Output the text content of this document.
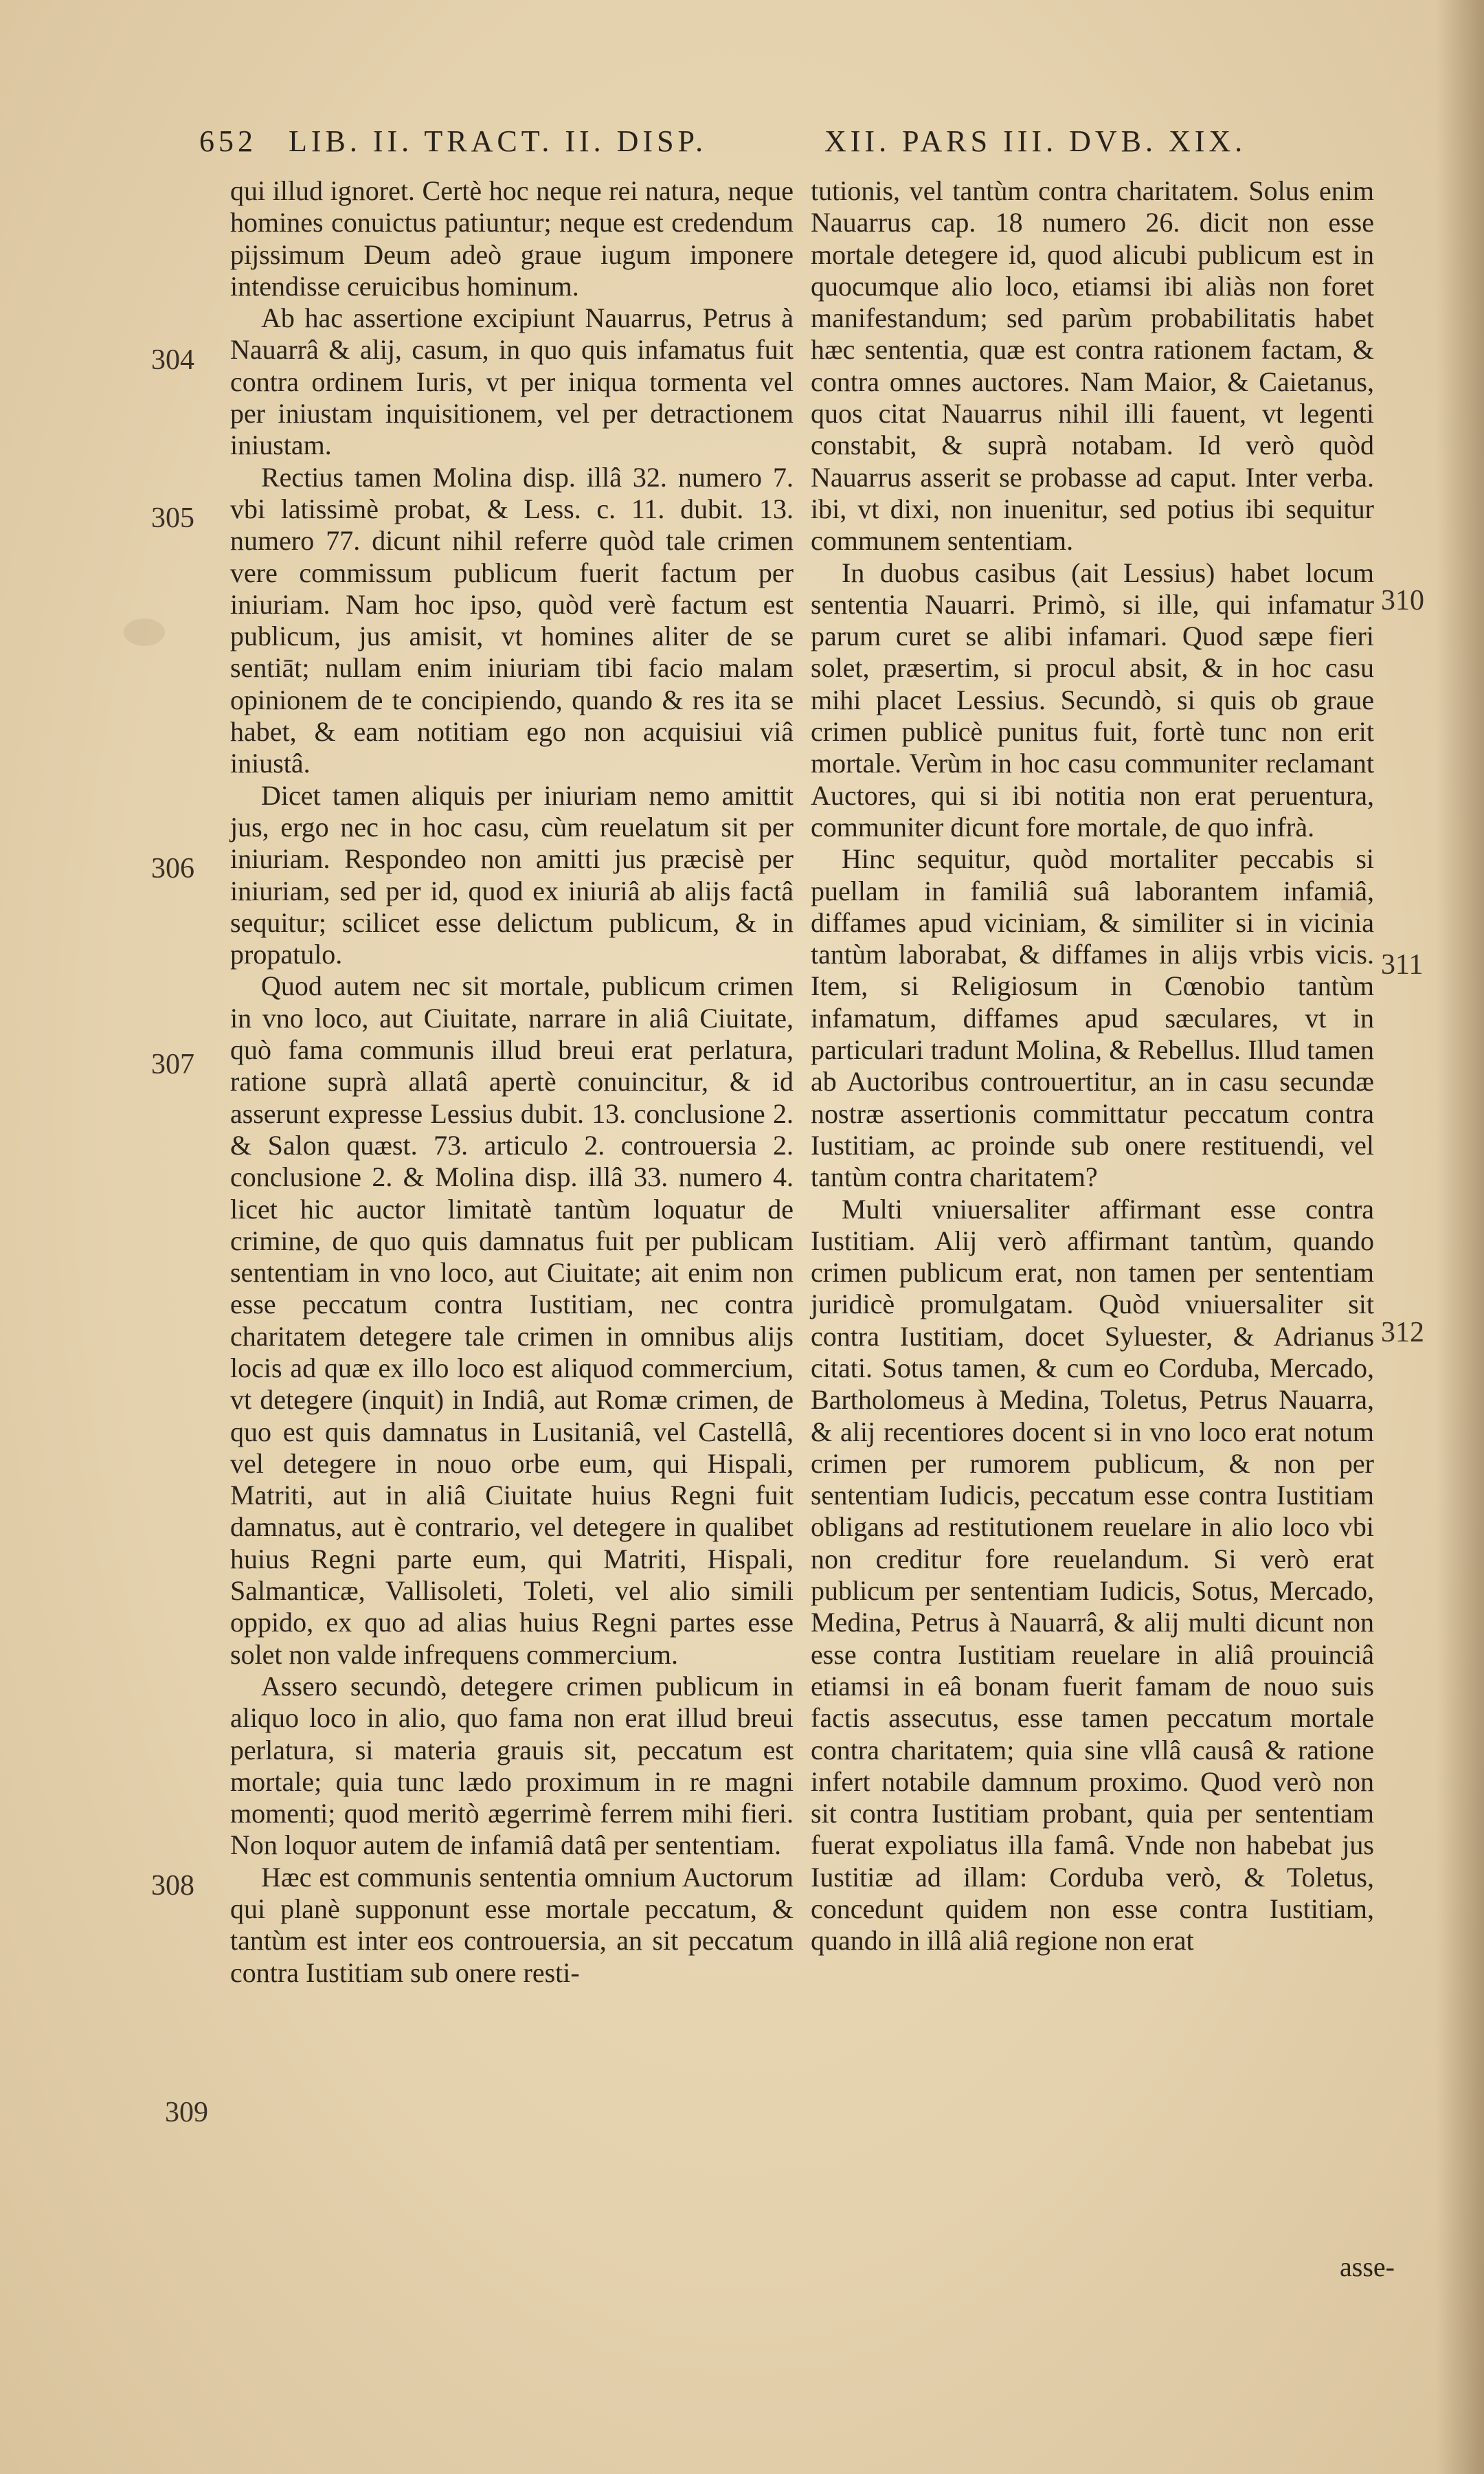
652 LIB. II. TRACT. II. DISP.	XII. PARS III. DVB. XIX.
304
305
306
307
308
309
310
311
312

qui illud ignoret. Certè hoc neque rei natura, neque homines conuictus patiuntur; neque est credendum pijssimum Deum adeò graue iugum imponere intendisse ceruicibus hominum.

Ab hac assertione excipiunt Nauarrus, Petrus à Nauarrâ & alij, casum, in quo quis infamatus fuit contra ordinem Iuris, vt per iniqua tormenta vel per iniustam inquisitionem, vel per detractionem iniustam.

Rectius tamen Molina disp. illâ 32. numero 7. vbi latissimè probat, & Less. c. 11. dubit. 13. numero 77. dicunt nihil referre quòd tale crimen vere commissum publicum fuerit factum per iniuriam. Nam hoc ipso, quòd verè factum est publicum, jus amisit, vt homines aliter de se sentiāt; nullam enim iniuriam tibi facio malam opinionem de te concipiendo, quando & res ita se habet, & eam notitiam ego non acquisiui viâ iniustâ.

Dicet tamen aliquis per iniuriam nemo amittit jus, ergo nec in hoc casu, cùm reuelatum sit per iniuriam. Respondeo non amitti jus præcisè per iniuriam, sed per id, quod ex iniuriâ ab alijs factâ sequitur; scilicet esse delictum publicum, & in propatulo.

Quod autem nec sit mortale, publicum crimen in vno loco, aut Ciuitate, narrare in aliâ Ciuitate, quò fama communis illud breui erat perlatura, ratione suprà allatâ apertè conuincitur, & id asserunt expresse Lessius dubit. 13. conclusione 2. & Salon quæst. 73. articulo 2. controuersia 2. conclusione 2. & Molina disp. illâ 33. numero 4. licet hic auctor limitatè tantùm loquatur de crimine, de quo quis damnatus fuit per publicam sententiam in vno loco, aut Ciuitate; ait enim non esse peccatum contra Iustitiam, nec contra charitatem detegere tale crimen in omnibus alijs locis ad quæ ex illo loco est aliquod commercium, vt detegere (inquit) in Indiâ, aut Romæ crimen, de quo est quis damnatus in Lusitaniâ, vel Castellâ, vel detegere in nouo orbe eum, qui Hispali, Matriti, aut in aliâ Ciuitate huius Regni fuit damnatus, aut è contrario, vel detegere in qualibet huius Regni parte eum, qui Matriti, Hispali, Salmanticæ, Vallisoleti, Toleti, vel alio simili oppido, ex quo ad alias huius Regni partes esse solet non valde infrequens commercium.

Assero secundò, detegere crimen publicum in aliquo loco in alio, quo fama non erat illud breui perlatura, si materia grauis sit, peccatum est mortale; quia tunc lædo proximum in re magni momenti; quod meritò ægerrimè ferrem mihi fieri. Non loquor autem de infamiâ datâ per sententiam.

Hæc est communis sententia omnium Auctorum qui planè supponunt esse mortale peccatum, & tantùm est inter eos controuersia, an sit peccatum contra Iustitiam sub onere resti-

tutionis, vel tantùm contra charitatem. Solus enim Nauarrus cap. 18 numero 26. dicit non esse mortale detegere id, quod alicubi publicum est in quocumque alio loco, etiamsi ibi aliàs non foret manifestandum; sed parùm probabilitatis habet hæc sententia, quæ est contra rationem factam, & contra omnes auctores. Nam Maior, & Caietanus, quos citat Nauarrus nihil illi fauent, vt legenti constabit, & suprà notabam. Id verò quòd Nauarrus asserit se probasse ad caput. Inter verba. ibi, vt dixi, non inuenitur, sed potius ibi sequitur communem sententiam.

In duobus casibus (ait Lessius) habet locum sententia Nauarri. Primò, si ille, qui infamatur parum curet se alibi infamari. Quod sæpe fieri solet, præsertim, si procul absit, & in hoc casu mihi placet Lessius. Secundò, si quis ob graue crimen publicè punitus fuit, fortè tunc non erit mortale. Verùm in hoc casu communiter reclamant Auctores, qui si ibi notitia non erat peruentura, communiter dicunt fore mortale, de quo infrà.

Hinc sequitur, quòd mortaliter peccabis si puellam in familiâ suâ laborantem infamiâ, diffames apud viciniam, & similiter si in vicinia tantùm laborabat, & diffames in alijs vrbis vicis. Item, si Religiosum in Cœnobio tantùm infamatum, diffames apud sæculares, vt in particulari tradunt Molina, & Rebellus. Illud tamen ab Auctoribus controuertitur, an in casu secundæ nostræ assertionis committatur peccatum contra Iustitiam, ac proinde sub onere restituendi, vel tantùm contra charitatem?

Multi vniuersaliter affirmant esse contra Iustitiam. Alij verò affirmant tantùm, quando crimen publicum erat, non tamen per sententiam juridicè promulgatam. Quòd vniuersaliter sit contra Iustitiam, docet Syluester, & Adrianus citati. Sotus tamen, & cum eo Corduba, Mercado, Bartholomeus à Medina, Toletus, Petrus Nauarra, & alij recentiores docent si in vno loco erat notum crimen per rumorem publicum, & non per sententiam Iudicis, peccatum esse contra Iustitiam obligans ad restitutionem reuelare in alio loco vbi non creditur fore reuelandum. Si verò erat publicum per sententiam Iudicis, Sotus, Mercado, Medina, Petrus à Nauarrâ, & alij multi dicunt non esse contra Iustitiam reuelare in aliâ prouinciâ etiamsi in eâ bonam fuerit famam de nouo suis factis assecutus, esse tamen peccatum mortale contra charitatem; quia sine vllâ causâ & ratione infert notabile damnum proximo. Quod verò non sit contra Iustitiam probant, quia per sententiam fuerat expoliatus illa famâ. Vnde non habebat jus Iustitiæ ad illam: Corduba verò, & Toletus, concedunt quidem non esse contra Iustitiam, quando in illâ aliâ regione non erat

asse-
